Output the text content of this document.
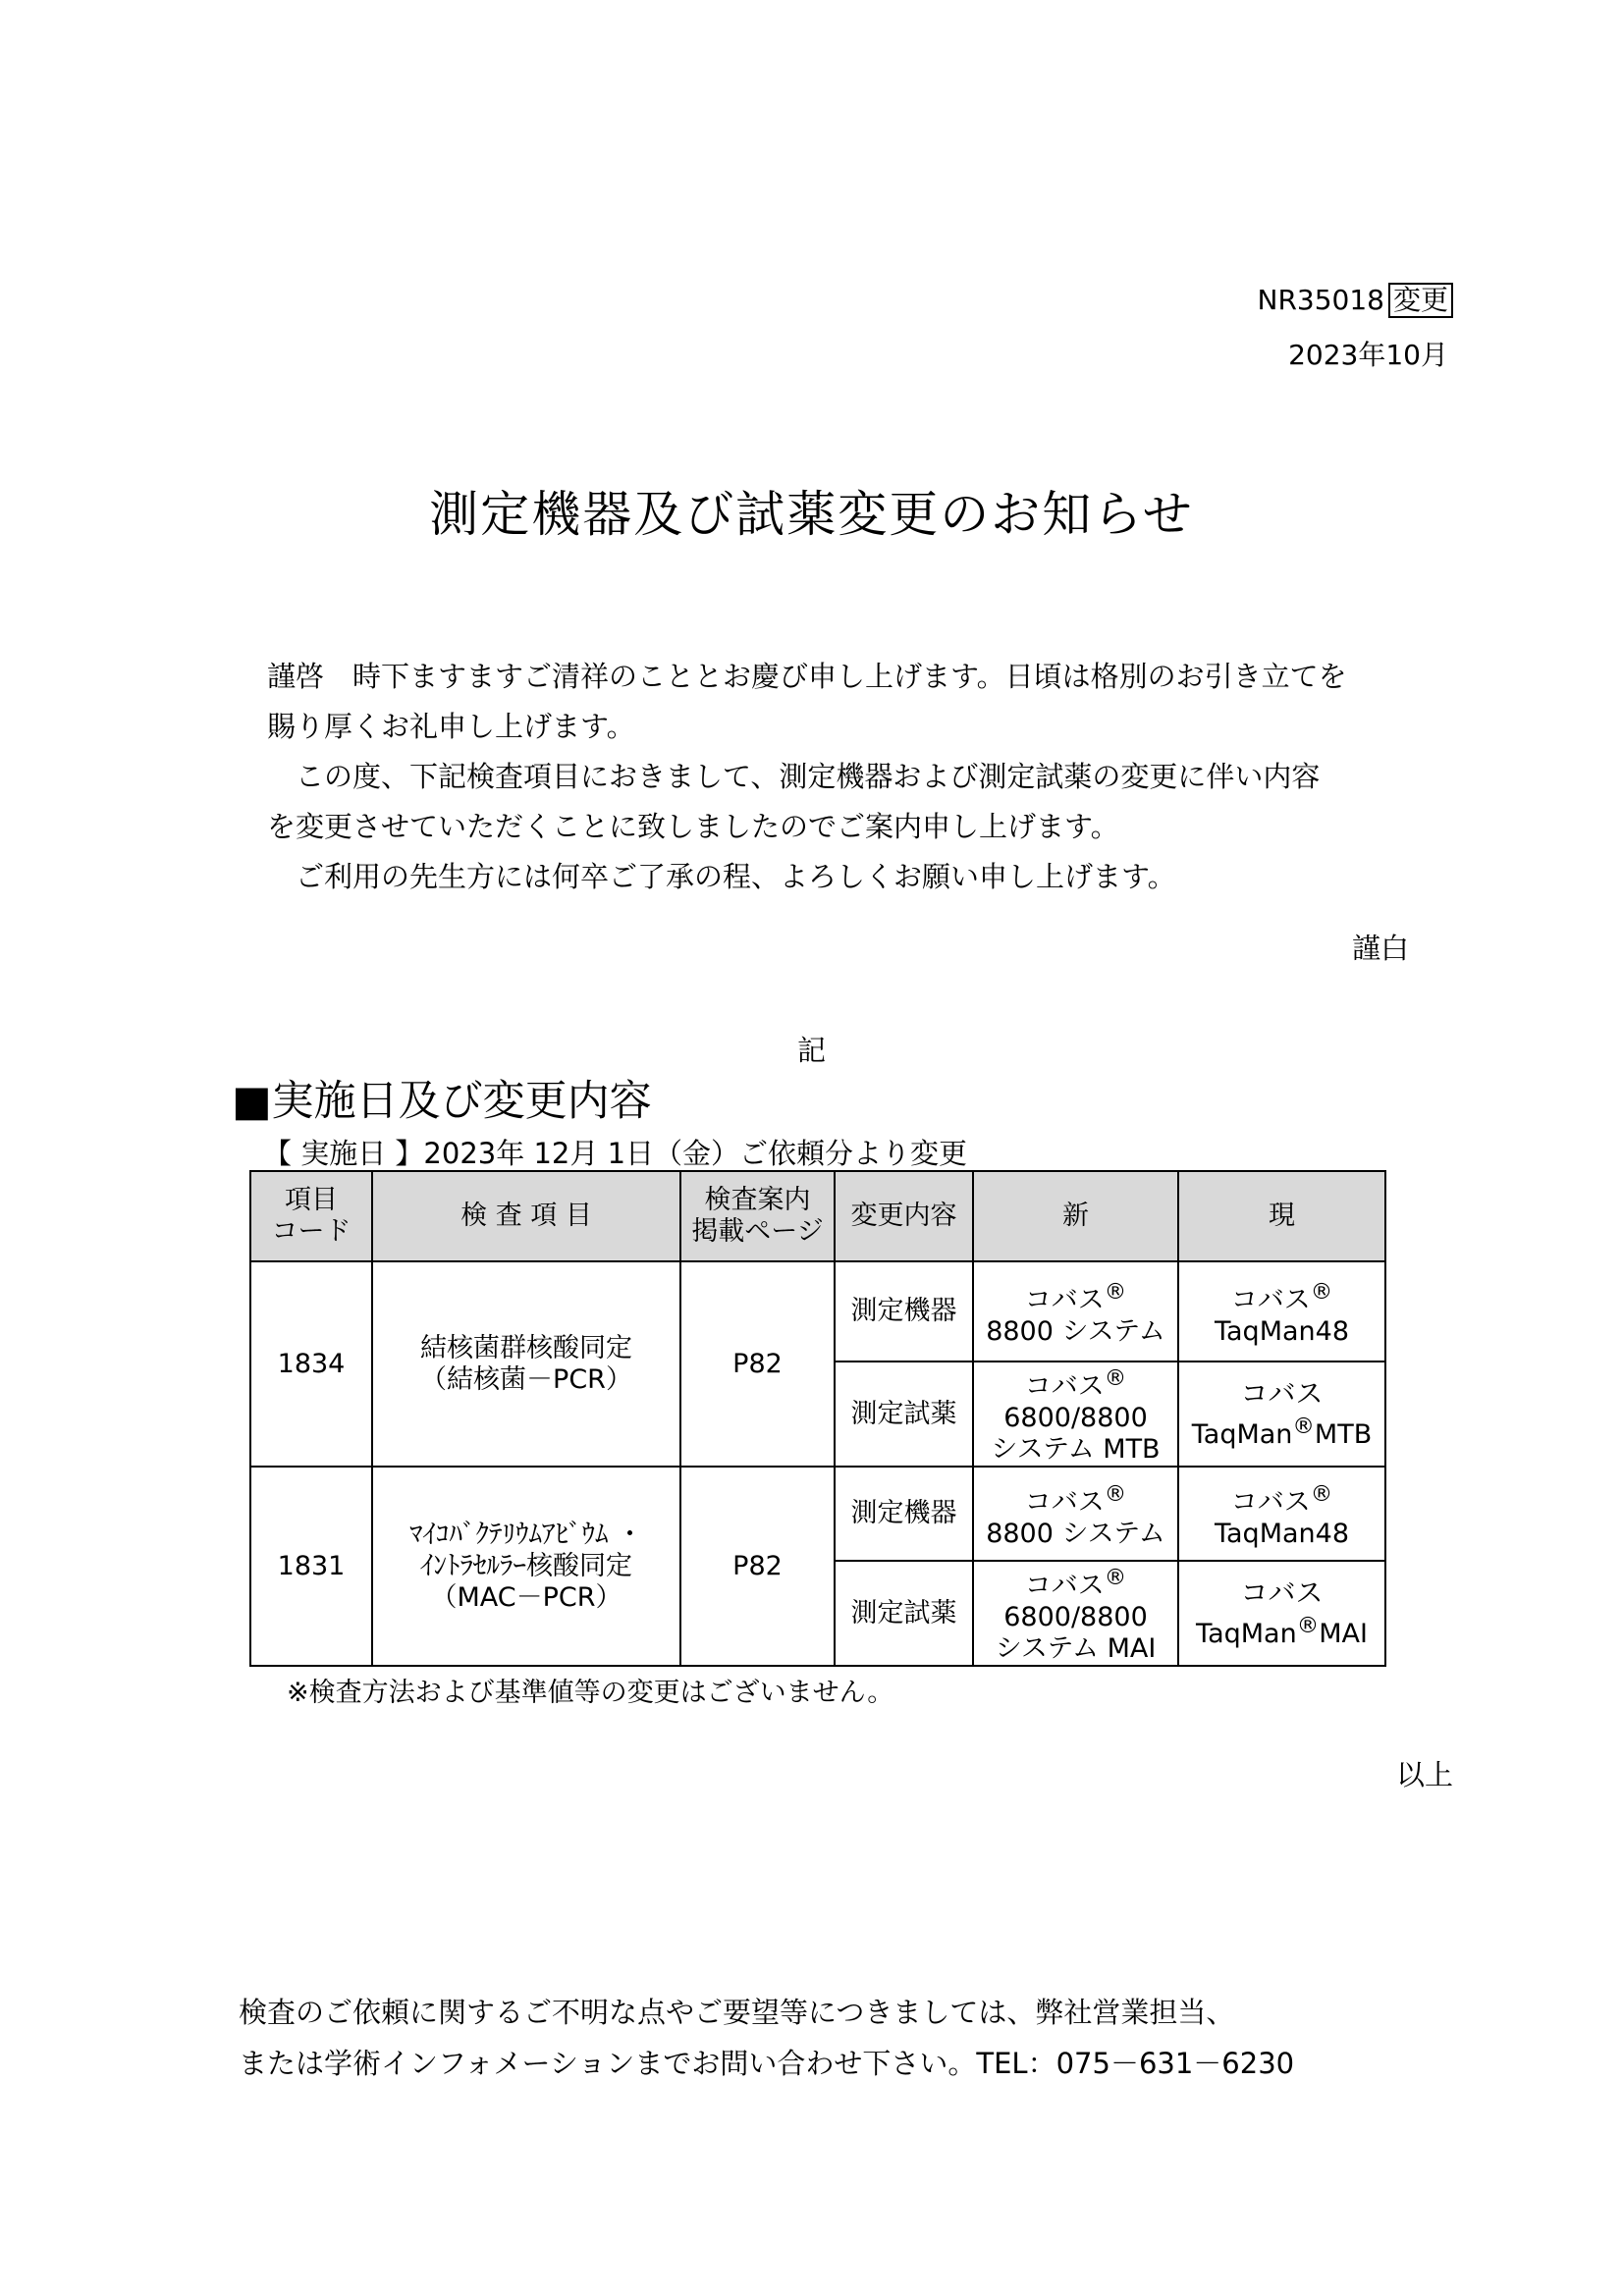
NR35018 変更
2023年10月
測定機器及び試薬変更のお知らせ

謹啓　時下ますますご清祥のこととお慶び申し上げます。日頃は格別のお引き立てを

賜り厚くお礼申し上げます。

　この度、下記検査項目におきまして、測定機器および測定試薬の変更に伴い内容

を変更させていただくことに致しましたのでご案内申し上げます。

　ご利用の先生方には何卒ご了承の程、よろしくお願い申し上げます。

謹白
記
■実施日及び変更内容
【 実施日 】2023年 12月 1日（金）ご依頼分より変更
項目
コード	検 査 項 目	検査案内
掲載ページ	変更内容	新	現
1834	結核菌群核酸同定
（結核菌－PCR）	P82	測定機器	コバス®
8800 システム	コバス®
TaqMan48
			測定試薬	コバス®
6800/8800
システム MTB	コバス
TaqMan®MTB
1831	ﾏｲｺﾊﾞｸﾃﾘｳﾑｱﾋﾞｳﾑ ・
ｲﾝﾄﾗｾﾙﾗｰ核酸同定
（MAC－PCR）	P82	測定機器	コバス®
8800 システム	コバス®
TaqMan48
			測定試薬	コバス®
6800/8800
システム MAI	コバス
TaqMan®MAI
※検査方法および基準値等の変更はございません。
以上

検査のご依頼に関するご不明な点やご要望等につきましては、弊社営業担当、

または学術インフォメーションまでお問い合わせ下さい。TEL：075－631－6230
